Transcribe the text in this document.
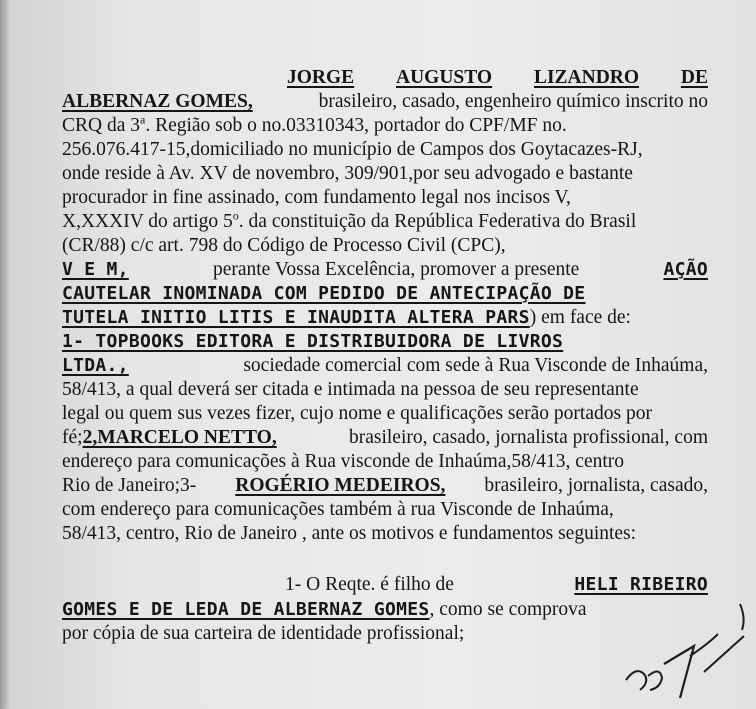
JORGE AUGUSTO LIZANDRO DE
ALBERNAZ GOMES,	brasileiro, casado, engenheiro químico inscrito no
CRQ da 3$^a$. Região sob o no.03310343, portador do CPF/MF no.
256.076.417-15,domiciliado no município de Campos dos Goytacazes-RJ,
onde reside à Av. XV de novembro, 309/901,por seu advogado e bastante
procurador in fine assinado, com fundamento legal nos incisos V,
X,XXXIV do artigo 5$^o$. da constituição da República Federativa do Brasil
(CR/88) c/c art. 798 do Código de Processo Civil (CPC),
V E M,	perante Vossa Excelência, promover a presente	AÇÃO
CAUTELAR INOMINADA COM PEDIDO DE ANTECIPAÇÃO DE
TUTELA INITIO LITIS E INAUDITA ALTERA PARS) em face de:
1- TOPBOOKS EDITORA E DISTRIBUIDORA DE LIVROS
LTDA.,	sociedade comercial com sede à Rua Visconde de Inhaúma,
58/413, a qual deverá ser citada e intimada na pessoa de seu representante
legal ou quem sus vezes fizer, cujo nome e qualificações serão portados por
fé;2,MARCELO NETTO,	brasileiro, casado, jornalista profissional, com
endereço para comunicações à Rua visconde de Inhaúma,58/413, centro
Rio de Janeiro;3- ROGÉRIO MEDEIROS, brasileiro, jornalista, casado,
com endereço para comunicações também à rua Visconde de Inhaúma,
58/413, centro, Rio de Janeiro , ante os motivos e fundamentos seguintes:
1- O Reqte. é filho de	HELI RIBEIRO
GOMES E DE LEDA DE ALBERNAZ GOMES, como se comprova
por cópia de sua carteira de identidade profissional;
